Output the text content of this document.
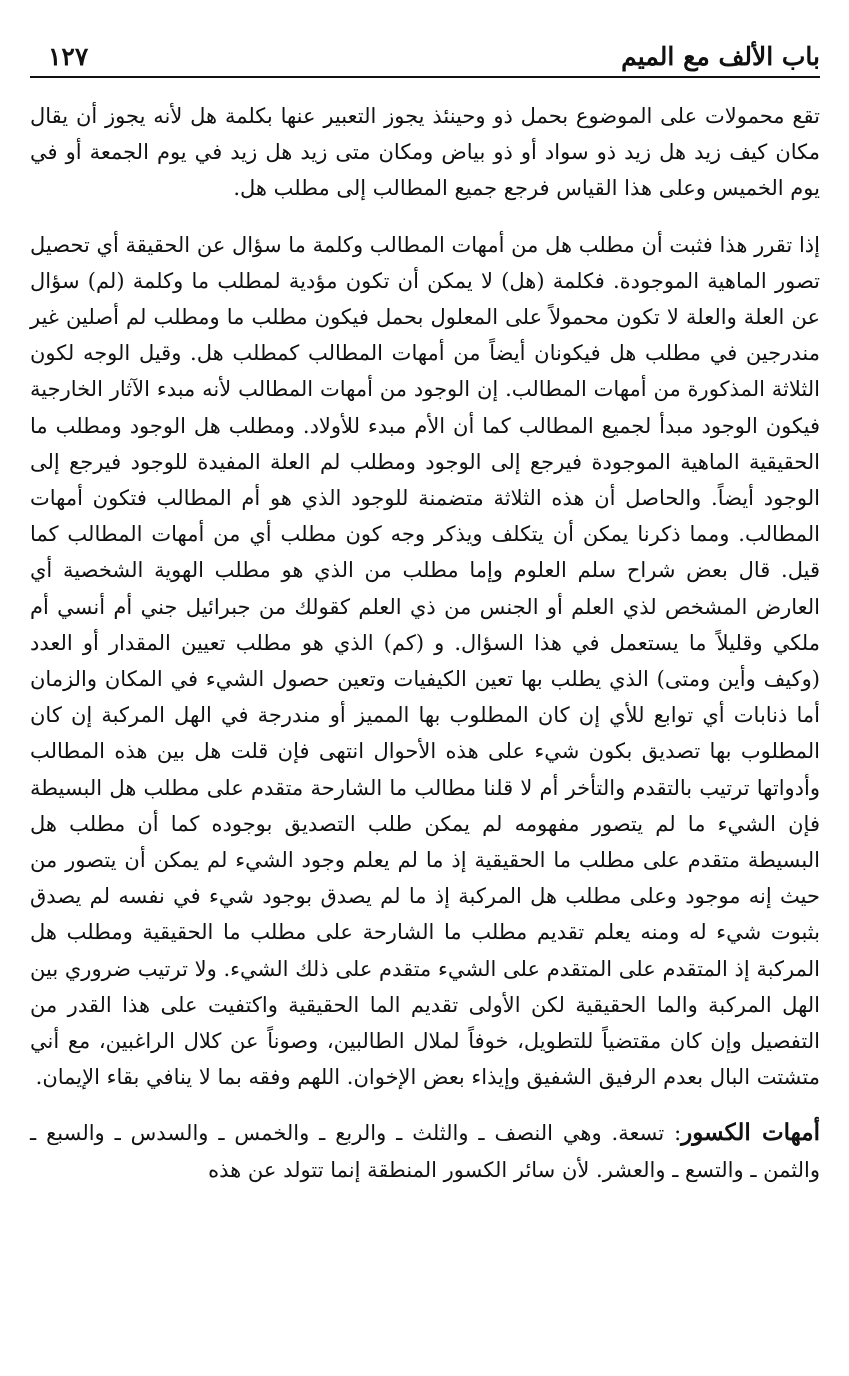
باب الألف مع الميم
١٢٧

تقع محمولات على الموضوع بحمل ذو وحينئذ يجوز التعبير عنها بكلمة هل لأنه يجوز أن يقال مكان كيف زيد هل زيد ذو سواد أو ذو بياض ومكان متى زيد هل زيد في يوم الجمعة أو في يوم الخميس وعلى هذا القياس فرجع جميع المطالب إلى مطلب هل.

إذا تقرر هذا فثبت أن مطلب هل من أمهات المطالب وكلمة ما سؤال عن الحقيقة أي تحصيل تصور الماهية الموجودة. فكلمة (هل) لا يمكن أن تكون مؤدية لمطلب ما وكلمة (لم) سؤال عن العلة والعلة لا تكون محمولاً على المعلول بحمل فيكون مطلب ما ومطلب لم أصلين غير مندرجين في مطلب هل فيكونان أيضاً من أمهات المطالب كمطلب هل. وقيل الوجه لكون الثلاثة المذكورة من أمهات المطالب. إن الوجود من أمهات المطالب لأنه مبدء الآثار الخارجية فيكون الوجود مبدأ لجميع المطالب كما أن الأم مبدء للأولاد. ومطلب هل الوجود ومطلب ما الحقيقية الماهية الموجودة فيرجع إلى الوجود ومطلب لم العلة المفيدة للوجود فيرجع إلى الوجود أيضاً. والحاصل أن هذه الثلاثة متضمنة للوجود الذي هو أم المطالب فتكون أمهات المطالب. ومما ذكرنا يمكن أن يتكلف ويذكر وجه كون مطلب أي من أمهات المطالب كما قيل. قال بعض شراح سلم العلوم وإما مطلب من الذي هو مطلب الهوية الشخصية أي العارض المشخص لذي العلم أو الجنس من ذي العلم كقولك من جبرائيل جني أم أنسي أم ملكي وقليلاً ما يستعمل في هذا السؤال. و (كم) الذي هو مطلب تعيين المقدار أو العدد (وكيف وأين ومتى) الذي يطلب بها تعين الكيفيات وتعين حصول الشيء في المكان والزمان أما ذنابات أي توابع للأي إن كان المطلوب بها المميز أو مندرجة في الهل المركبة إن كان المطلوب بها تصديق بكون شيء على هذه الأحوال انتهى فإن قلت هل بين هذه المطالب وأدواتها ترتيب بالتقدم والتأخر أم لا قلنا مطالب ما الشارحة متقدم على مطلب هل البسيطة فإن الشيء ما لم يتصور مفهومه لم يمكن طلب التصديق بوجوده كما أن مطلب هل البسيطة متقدم على مطلب ما الحقيقية إذ ما لم يعلم وجود الشيء لم يمكن أن يتصور من حيث إنه موجود وعلى مطلب هل المركبة إذ ما لم يصدق بوجود شيء في نفسه لم يصدق بثبوت شيء له ومنه يعلم تقديم مطلب ما الشارحة على مطلب ما الحقيقية ومطلب هل المركبة إذ المتقدم على المتقدم على الشيء متقدم على ذلك الشيء. ولا ترتيب ضروري بين الهل المركبة والما الحقيقية لكن الأولى تقديم الما الحقيقية واكتفيت على هذا القدر من التفصيل وإن كان مقتضياً للتطويل، خوفاً لملال الطالبين، وصوناً عن كلال الراغبين، مع أني متشتت البال بعدم الرفيق الشفيق وإيذاء بعض الإخوان. اللهم وفقه بما لا ينافي بقاء الإيمان.

أمهات الكسور: تسعة. وهي النصف ـ والثلث ـ والربع ـ والخمس ـ والسدس ـ والسبع ـ والثمن ـ والتسع ـ والعشر. لأن سائر الكسور المنطقة إنما تتولد عن هذه
